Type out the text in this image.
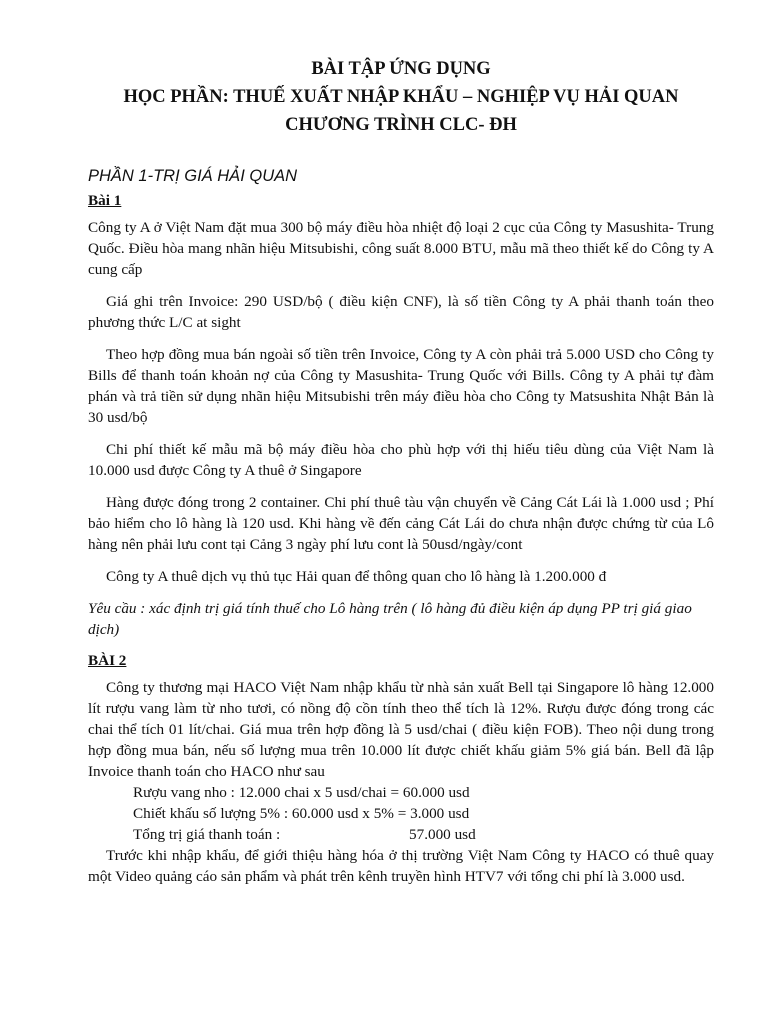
BÀI TẬP ỨNG DỤNG

HỌC PHẦN: THUẾ XUẤT NHẬP KHẨU – NGHIỆP VỤ HẢI QUAN

CHƯƠNG TRÌNH CLC- ĐH

PHẦN 1-TRỊ GIÁ HẢI QUAN

Bài 1

Công ty A ở Việt Nam đặt mua 300 bộ máy điều hòa nhiệt độ loại 2 cục của Công ty Masushita- Trung Quốc. Điều hòa mang nhãn hiệu Mitsubishi, công suất 8.000 BTU, mẫu mã theo thiết kế do Công ty A cung cấp

Giá ghi trên Invoice: 290 USD/bộ ( điều kiện CNF), là số tiền Công ty A phải thanh toán theo phương thức L/C at sight

Theo hợp đồng mua bán ngoài số tiền trên Invoice, Công ty A còn phải trả 5.000 USD cho Công ty Bills để thanh toán khoản nợ của Công ty Masushita- Trung Quốc với Bills. Công ty A phải tự đàm phán và trả tiền sử dụng nhãn hiệu Mitsubishi trên máy điều hòa cho Công ty Matsushita Nhật Bản là 30 usd/bộ

Chi phí thiết kế mẫu mã bộ máy điều hòa cho phù hợp với thị hiếu tiêu dùng của Việt Nam là 10.000 usd được Công ty A thuê ở Singapore

Hàng được đóng trong 2 container. Chi phí thuê tàu vận chuyển về Cảng Cát Lái là 1.000 usd ; Phí bảo hiểm cho lô hàng là 120 usd. Khi hàng về đến cảng Cát Lái do chưa nhận được chứng từ của Lô hàng nên phải lưu cont tại Cảng 3 ngày phí lưu cont là 50usd/ngày/cont

Công ty A thuê dịch vụ thủ tục Hải quan để thông quan cho lô hàng là 1.200.000 đ

Yêu cầu : xác định trị giá tính thuế cho Lô hàng trên ( lô hàng đủ điều kiện áp dụng PP trị giá giao dịch)

BÀI 2

Công ty thương mại HACO Việt Nam nhập khẩu từ nhà sản xuất Bell tại Singapore lô hàng 12.000 lít rượu vang làm từ nho tươi, có nồng độ cồn tính theo thể tích là 12%. Rượu được đóng trong các chai thể tích 01 lít/chai. Giá mua trên hợp đồng là 5 usd/chai ( điều kiện FOB). Theo nội dung trong hợp đồng mua bán, nếu số lượng mua trên 10.000 lít được chiết khấu giảm 5% giá bán. Bell đã lập Invoice thanh toán cho HACO như sau

Rượu vang nho : 12.000 chai x 5 usd/chai = 60.000 usd
Chiết khấu số lượng 5% : 60.000 usd x 5% = 3.000 usd
Tổng trị giá thanh toán :	57.000 usd

Trước khi nhập khẩu, để giới thiệu hàng hóa ở thị trường Việt Nam Công ty HACO có thuê quay một Video quảng cáo sản phẩm và phát trên kênh truyền hình HTV7 với tổng chi phí là 3.000 usd.
